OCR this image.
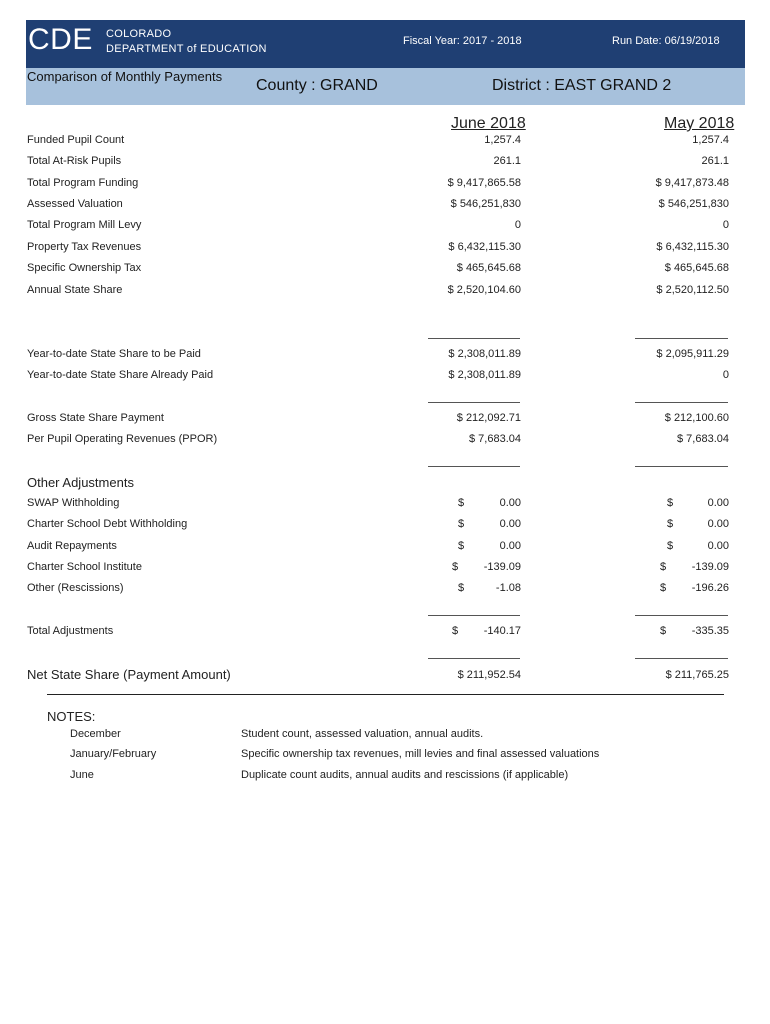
CDE COLORADO
DEPARTMENT of EDUCATION
Fiscal Year: 2017 - 2018	Run Date: 06/19/2018
Comparison of Monthly Payments
County : GRAND	District : EAST GRAND 2
June 2018	May 2018
Funded Pupil Count	1,257.4	1,257.4
Total At-Risk Pupils	261.1	261.1
Total Program Funding	$ 9,417,865.58	$ 9,417,873.48
Assessed Valuation	$ 546,251,830	$ 546,251,830
Total Program Mill Levy	0	0
Property Tax Revenues	$ 6,432,115.30	$ 6,432,115.30
Specific Ownership Tax	$ 465,645.68	$ 465,645.68
Annual State Share	$ 2,520,104.60	$ 2,520,112.50
Year-to-date State Share to be Paid	$ 2,308,011.89	$ 2,095,911.29
Year-to-date State Share Already Paid	$ 2,308,011.89	0
Gross State Share Payment	$ 212,092.71	$ 212,100.60
Per Pupil Operating Revenues (PPOR)	$ 7,683.04	$ 7,683.04
Other Adjustments
SWAP Withholding	$	0.00	$	0.00
Charter School Debt Withholding	$	0.00	$	0.00
Audit Repayments	$	0.00	$	0.00
Charter School Institute	$ -139.09	$ -139.09
Other (Rescissions)	$	-1.08	$ -196.26
Total Adjustments	$ -140.17	$ -335.35
Net State Share (Payment Amount)	$ 211,952.54	$ 211,765.25
NOTES:
December	Student count, assessed valuation, annual audits.
January/February	Specific ownership tax revenues, mill levies and final assessed valuations
June	Duplicate count audits, annual audits and rescissions (if applicable)
